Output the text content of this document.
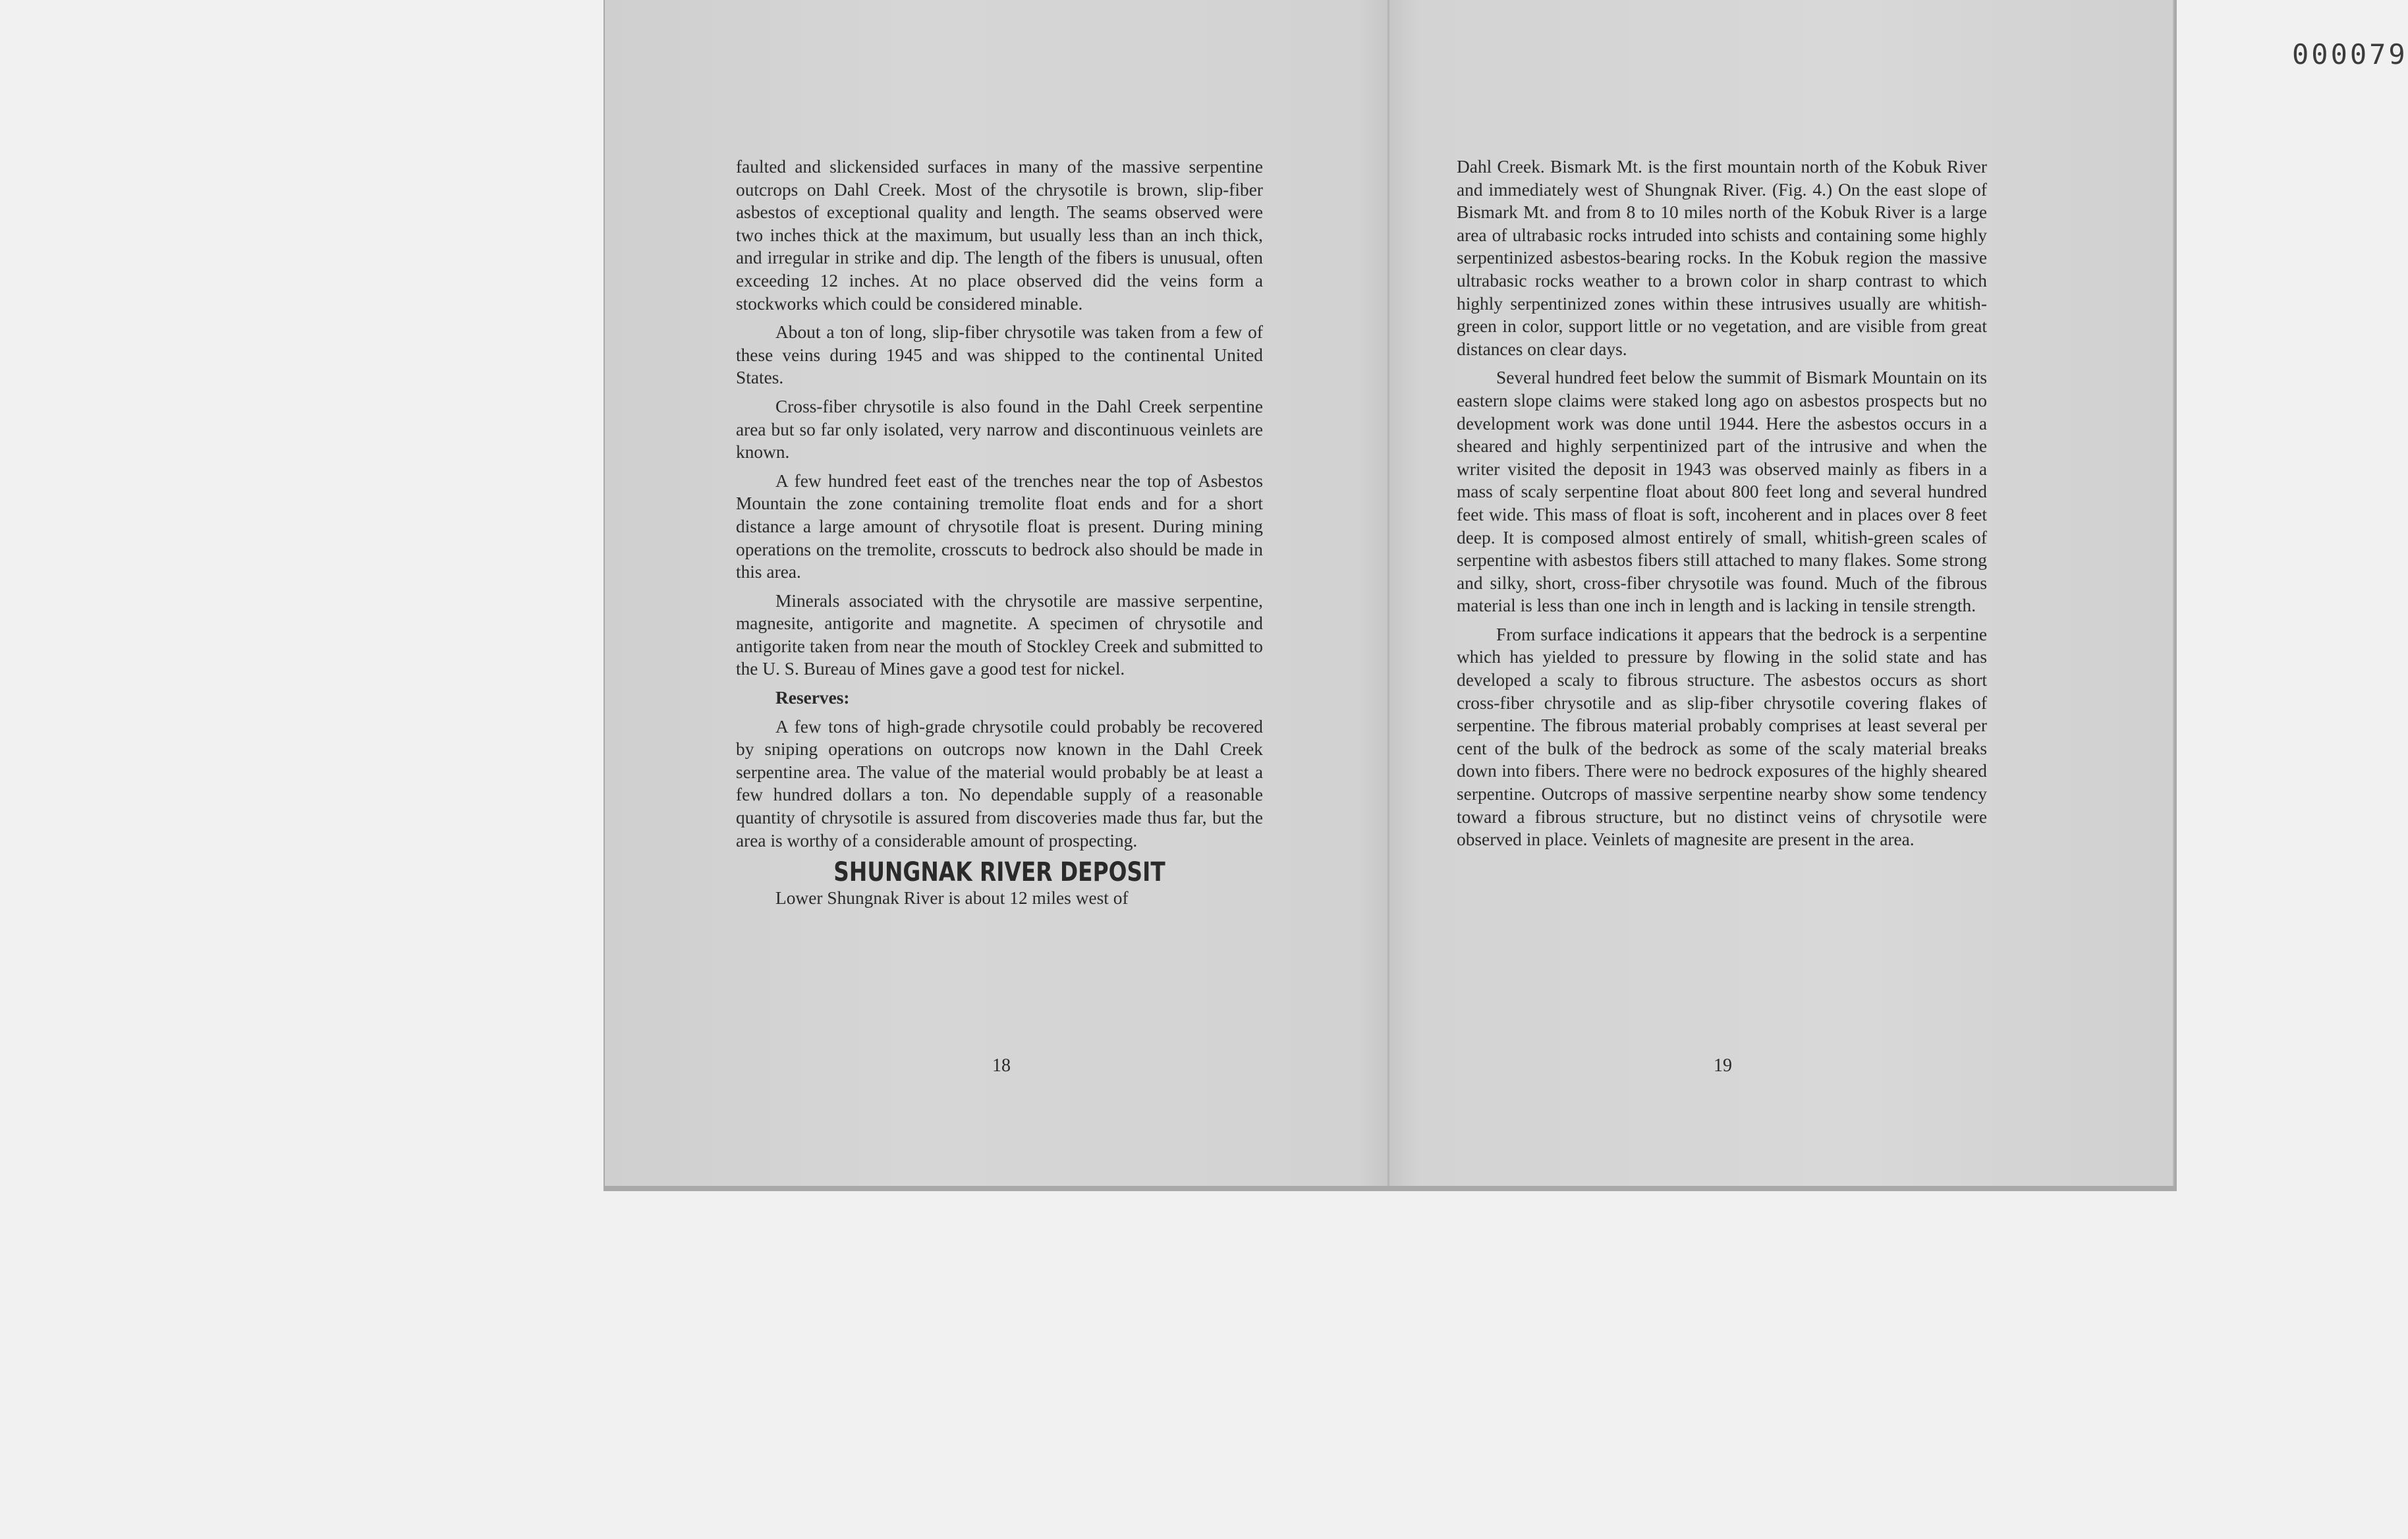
faulted and slickensided surfaces in many of the massive serpentine outcrops on Dahl Creek. Most of the chrysotile is brown, slip-fiber asbestos of exceptional quality and length. The seams observed were two inches thick at the maximum, but usually less than an inch thick, and irregular in strike and dip. The length of the fibers is unusual, often exceeding 12 inches. At no place observed did the veins form a stockworks which could be considered minable.

About a ton of long, slip-fiber chrysotile was taken from a few of these veins during 1945 and was shipped to the continental United States.

Cross-fiber chrysotile is also found in the Dahl Creek serpentine area but so far only isolated, very narrow and discontinuous veinlets are known.

A few hundred feet east of the trenches near the top of Asbestos Mountain the zone containing tremolite float ends and for a short distance a large amount of chrysotile float is present. During mining operations on the tremolite, crosscuts to bedrock also should be made in this area.

Minerals associated with the chrysotile are massive serpentine, magnesite, antigorite and magnetite. A specimen of chrysotile and antigorite taken from near the mouth of Stockley Creek and submitted to the U. S. Bureau of Mines gave a good test for nickel.

Reserves:

A few tons of high-grade chrysotile could probably be recovered by sniping operations on outcrops now known in the Dahl Creek serpentine area. The value of the material would probably be at least a few hundred dollars a ton. No dependable supply of a reasonable quantity of chrysotile is assured from discoveries made thus far, but the area is worthy of a considerable amount of prospecting.

SHUNGNAK RIVER DEPOSIT

Lower Shungnak River is about 12 miles west of

18
000079

Dahl Creek. Bismark Mt. is the first mountain north of the Kobuk River and immediately west of Shungnak River. (Fig. 4.) On the east slope of Bismark Mt. and from 8 to 10 miles north of the Kobuk River is a large area of ultrabasic rocks intruded into schists and containing some highly serpentinized asbestos-bearing rocks. In the Kobuk region the massive ultrabasic rocks weather to a brown color in sharp contrast to which highly serpentinized zones within these intrusives usually are whitish-green in color, support little or no vegetation, and are visible from great distances on clear days.

Several hundred feet below the summit of Bismark Mountain on its eastern slope claims were staked long ago on asbestos prospects but no development work was done until 1944. Here the asbestos occurs in a sheared and highly serpentinized part of the intrusive and when the writer visited the deposit in 1943 was observed mainly as fibers in a mass of scaly serpentine float about 800 feet long and several hundred feet wide. This mass of float is soft, incoherent and in places over 8 feet deep. It is composed almost entirely of small, whitish-green scales of serpentine with asbestos fibers still attached to many flakes. Some strong and silky, short, cross-fiber chrysotile was found. Much of the fibrous material is less than one inch in length and is lacking in tensile strength.

From surface indications it appears that the bedrock is a serpentine which has yielded to pressure by flowing in the solid state and has developed a scaly to fibrous structure. The asbestos occurs as short cross-fiber chrysotile and as slip-fiber chrysotile covering flakes of serpentine. The fibrous material probably comprises at least several per cent of the bulk of the bedrock as some of the scaly material breaks down into fibers. There were no bedrock exposures of the highly sheared serpentine. Outcrops of massive serpentine nearby show some tendency toward a fibrous structure, but no distinct veins of chrysotile were observed in place. Veinlets of magnesite are present in the area.

19
